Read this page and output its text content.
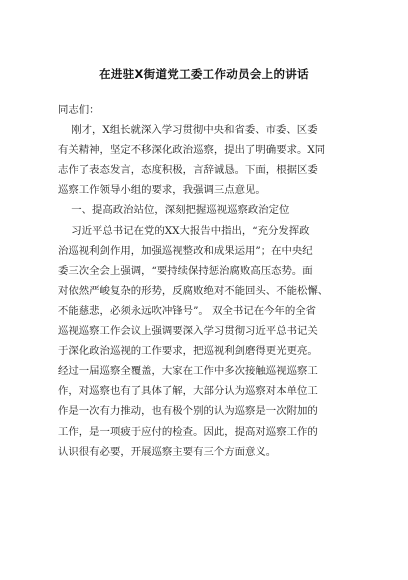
在进驻X街道党工委工作动员会上的讲话
同志们：
刚才，X组长就深入学习贯彻中央和省委、市委、区委
有关精神，坚定不移深化政治巡察，提出了明确要求。X同
志作了表态发言，态度积极，言辞诚恳。下面，根据区委
巡察工作领导小组的要求，我强调三点意见。
一、提高政治站位，深刻把握巡视巡察政治定位
习近平总书记在党的XX大报告中指出，“充分发挥政
治巡视利剑作用，加强巡视整改和成果运用”；在中央纪
委三次全会上强调，“要持续保持惩治腐败高压态势。面
对依然严峻复杂的形势，反腐败绝对不能回头、不能松懈、
不能慈悲，必须永远吹冲锋号”。 双全书记在今年的全省
巡视巡察工作会议上强调要深入学习贯彻习近平总书记关
于深化政治巡视的工作要求，把巡视利剑磨得更光更亮。
经过一届巡察全覆盖，大家在工作中多次接触巡视巡察工
作，对巡察也有了具体了解，大部分认为巡察对本单位工
作是一次有力推动，也有极个别的认为巡察是一次附加的
工作，是一项疲于应付的检查。因此，提高对巡察工作的
认识很有必要，开展巡察主要有三个方面意义。
